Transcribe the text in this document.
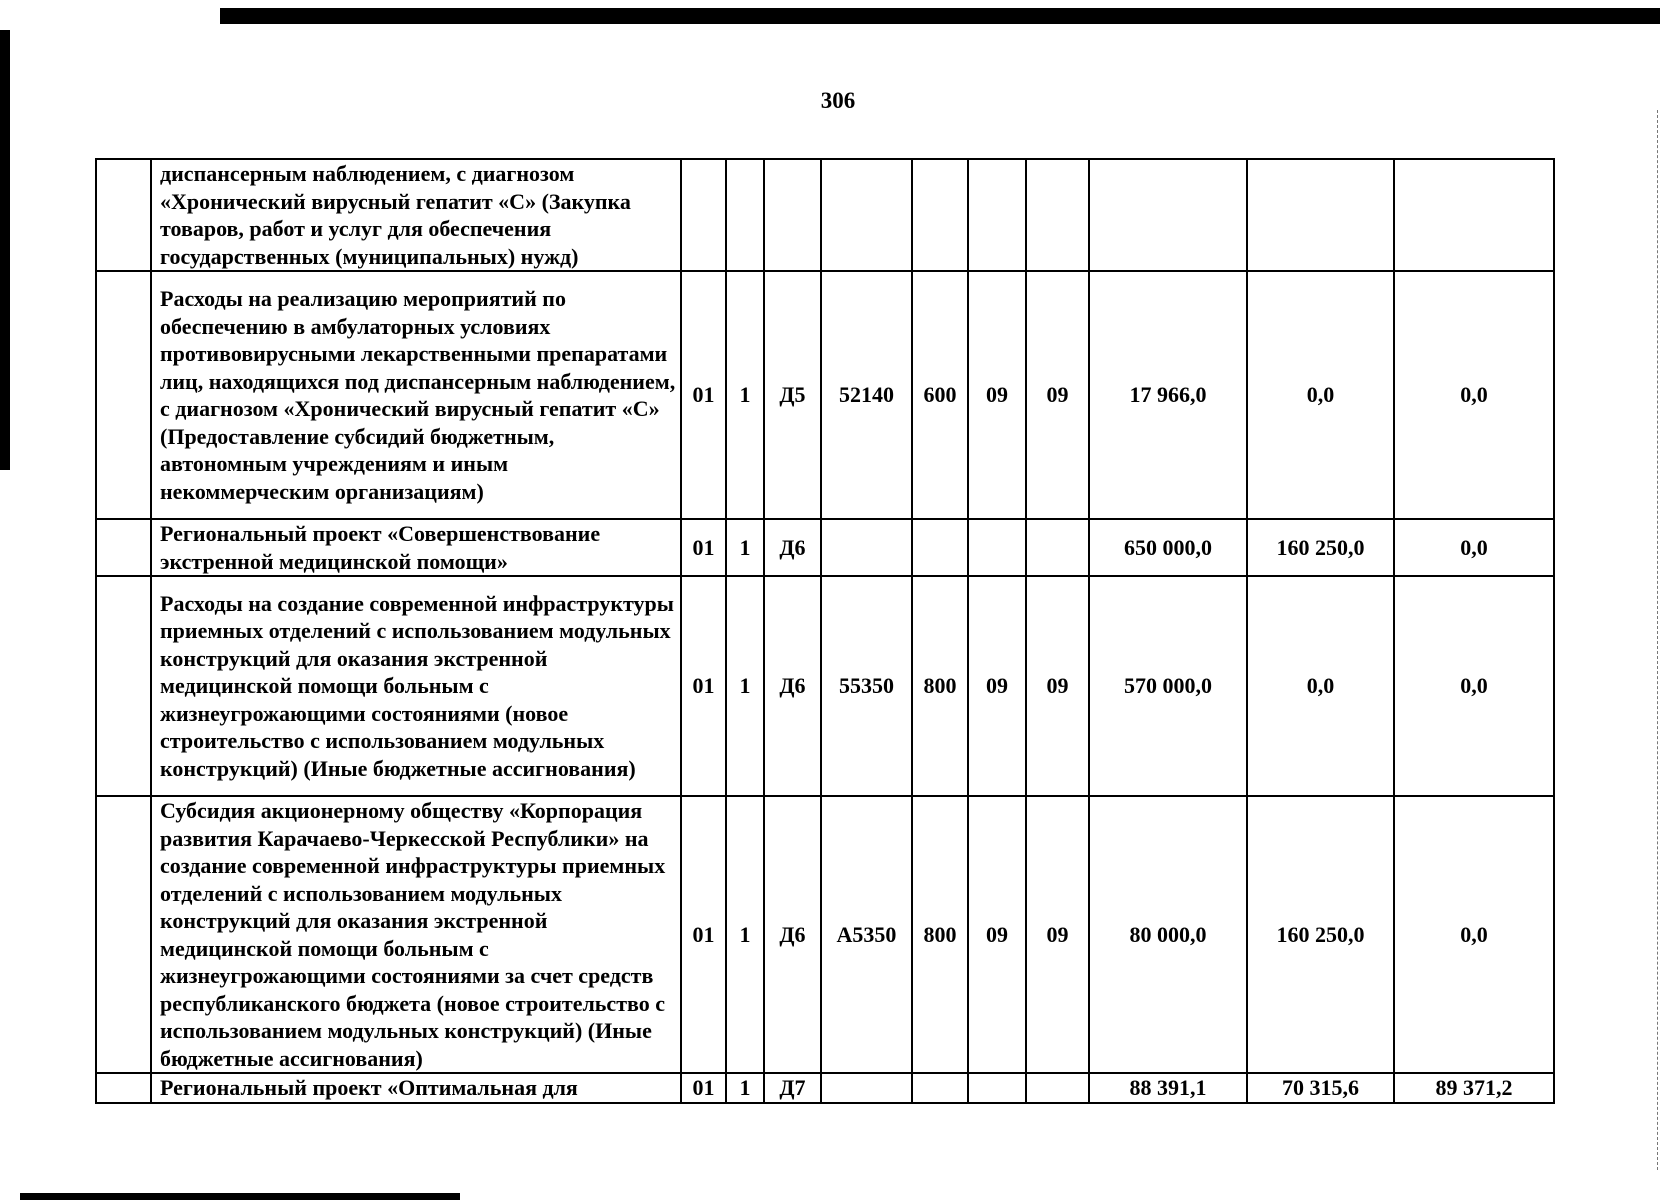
306
	диспансерным наблюдением, с диагнозом «Хронический вирусный гепатит «С» (Закупка товаров, работ и услуг для обеспечения государственных (муниципальных) нужд)										
	Расходы на реализацию мероприятий по обеспечению в амбулаторных условиях противовирусными лекарственными препаратами лиц, находящихся под диспансерным наблюдением, с диагнозом «Хронический вирусный гепатит «С» (Предоставление субсидий бюджетным, автономным учреждениям и иным некоммерческим организациям)	01	1	Д5	52140	600	09	09	17 966,0	0,0	0,0
	Региональный проект «Совершенствование экстренной медицинской помощи»	01	1	Д6					650 000,0	160 250,0	0,0
	Расходы на создание современной инфраструктуры приемных отделений с использованием модульных конструкций для оказания экстренной медицинской помощи больным с жизнеугрожающими состояниями (новое строительство с использованием модульных конструкций) (Иные бюджетные ассигнования)	01	1	Д6	55350	800	09	09	570 000,0	0,0	0,0
	Субсидия акционерному обществу «Корпорация развития Карачаево-Черкесской Республики» на создание современной инфраструктуры приемных отделений с использованием модульных конструкций для оказания экстренной медицинской помощи больным с жизнеугрожающими состояниями за счет средств республиканского бюджета (новое строительство с использованием модульных конструкций) (Иные бюджетные ассигнования)	01	1	Д6	А5350	800	09	09	80 000,0	160 250,0	0,0
	Региональный проект «Оптимальная для	01	1	Д7					88 391,1	70 315,6	89 371,2
